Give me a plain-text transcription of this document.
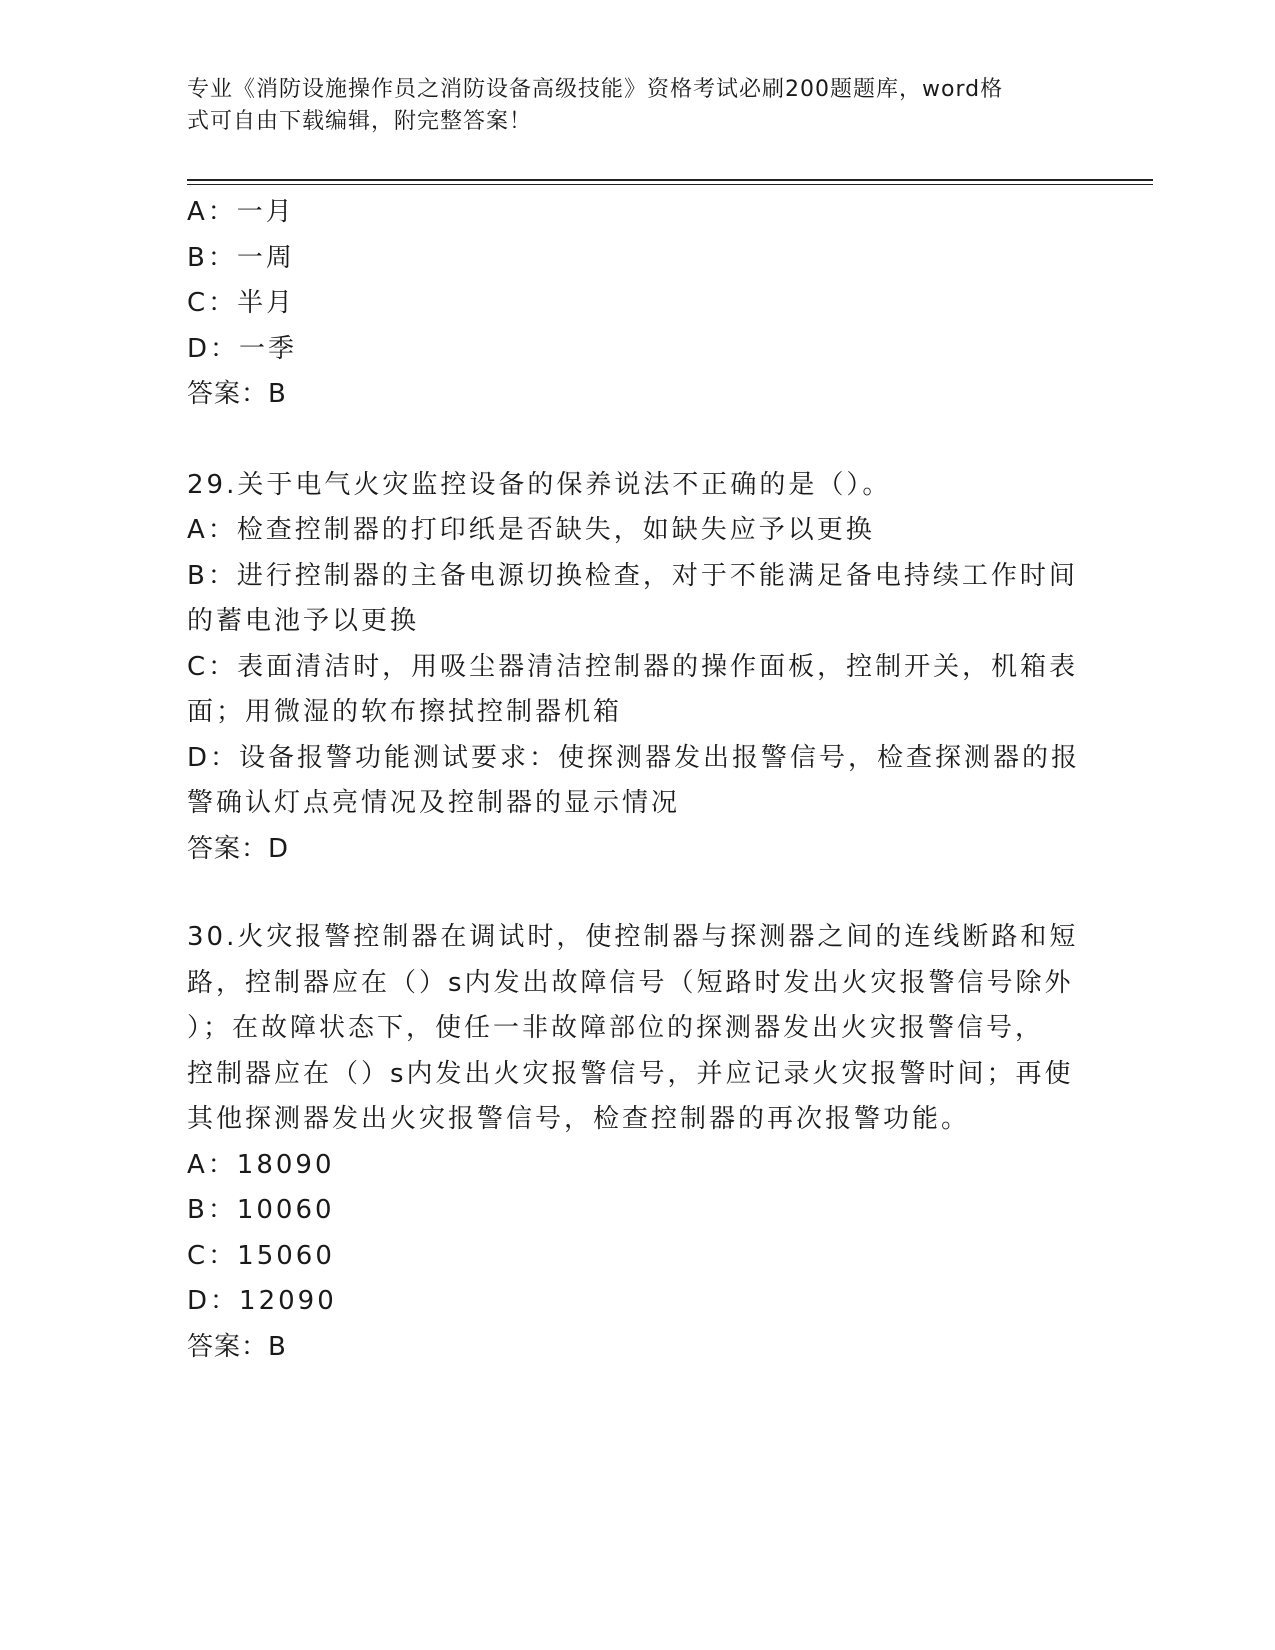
专业《消防设施操作员之消防设备高级技能》资格考试必刷200题题库，word格
式可自由下载编辑，附完整答案！
A：一月
B：一周
C：半月
D：一季
答案：B
29.关于电气火灾监控设备的保养说法不正确的是（）。
A：检查控制器的打印纸是否缺失，如缺失应予以更换
B：进行控制器的主备电源切换检查，对于不能满足备电持续工作时间
的蓄电池予以更换
C：表面清洁时，用吸尘器清洁控制器的操作面板，控制开关，机箱表
面；用微湿的软布擦拭控制器机箱
D：设备报警功能测试要求：使探测器发出报警信号，检查探测器的报
警确认灯点亮情况及控制器的显示情况
答案：D
30.火灾报警控制器在调试时，使控制器与探测器之间的连线断路和短
路，控制器应在（）s内发出故障信号（短路时发出火灾报警信号除外
）；在故障状态下，使任一非故障部位的探测器发出火灾报警信号，
控制器应在（）s内发出火灾报警信号，并应记录火灾报警时间；再使
其他探测器发出火灾报警信号，检查控制器的再次报警功能。
A：18090
B：10060
C：15060
D：12090
答案：B
